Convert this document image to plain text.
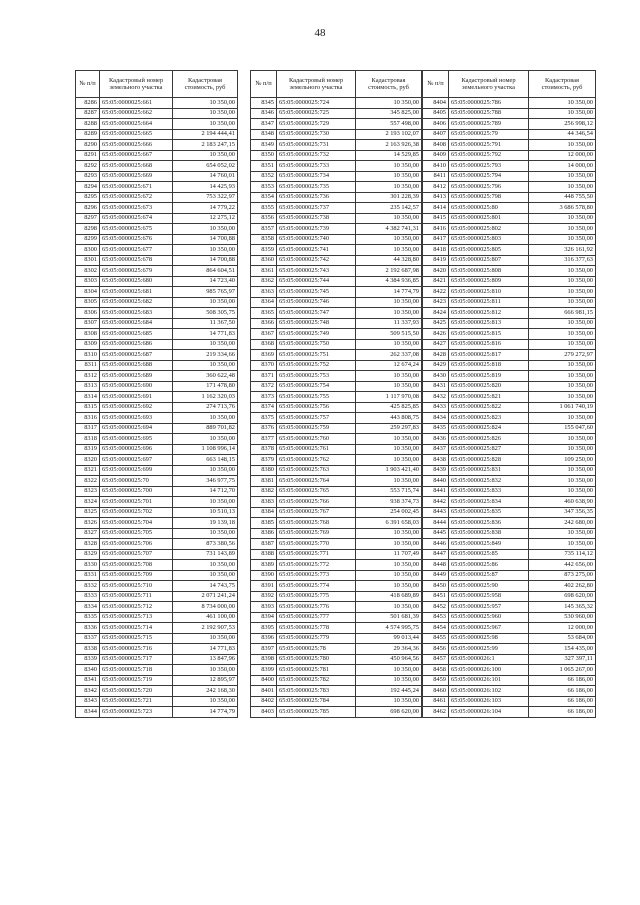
48
№ п/п	Кадастровый номер земельного участка	Кадастровая стоимость, руб
8286	65:05:0000025:661	10 350,00
8287	65:05:0000025:662	10 350,00
8288	65:05:0000025:664	10 350,00
8289	65:05:0000025:665	2 194 444,41
8290	65:05:0000025:666	2 183 247,15
8291	65:05:0000025:667	10 350,00
8292	65:05:0000025:668	654 052,02
8293	65:05:0000025:669	14 760,01
8294	65:05:0000025:671	14 425,93
8295	65:05:0000025:672	753 322,97
8296	65:05:0000025:673	14 779,22
8297	65:05:0000025:674	12 275,12
8298	65:05:0000025:675	10 350,00
8299	65:05:0000025:676	14 700,88
8300	65:05:0000025:677	10 350,00
8301	65:05:0000025:678	14 700,88
8302	65:05:0000025:679	864 604,51
8303	65:05:0000025:680	14 723,40
8304	65:05:0000025:681	985 765,97
8305	65:05:0000025:682	10 350,00
8306	65:05:0000025:683	508 305,75
8307	65:05:0000025:684	11 367,50
8308	65:05:0000025:685	14 771,83
8309	65:05:0000025:686	10 350,00
8310	65:05:0000025:687	219 334,66
8311	65:05:0000025:688	10 350,00
8312	65:05:0000025:689	360 622,48
8313	65:05:0000025:690	171 478,80
8314	65:05:0000025:691	1 162 320,03
8315	65:05:0000025:692	274 713,76
8316	65:05:0000025:693	10 350,00
8317	65:05:0000025:694	889 701,82
8318	65:05:0000025:695	10 350,00
8319	65:05:0000025:696	1 108 996,14
8320	65:05:0000025:697	663 148,15
8321	65:05:0000025:699	10 350,00
8322	65:05:0000025:70	346 977,75
8323	65:05:0000025:700	14 712,70
8324	65:05:0000025:701	10 350,00
8325	65:05:0000025:702	10 510,13
8326	65:05:0000025:704	19 139,18
8327	65:05:0000025:705	10 350,00
8328	65:05:0000025:706	873 380,56
8329	65:05:0000025:707	731 143,89
8330	65:05:0000025:708	10 350,00
8331	65:05:0000025:709	10 350,00
8332	65:05:0000025:710	14 743,75
8333	65:05:0000025:711	2 071 241,24
8334	65:05:0000025:712	8 734 000,00
8335	65:05:0000025:713	461 100,00
8336	65:05:0000025:714	2 192 907,53
8337	65:05:0000025:715	10 350,00
8338	65:05:0000025:716	14 771,83
8339	65:05:0000025:717	13 847,96
8340	65:05:0000025:718	10 350,00
8341	65:05:0000025:719	12 895,97
8342	65:05:0000025:720	242 168,30
8343	65:05:0000025:721	10 350,00
8344	65:05:0000025:723	14 774,79
№ п/п	Кадастровый номер земельного участка	Кадастровая стоимость, руб
8345	65:05:0000025:724	10 350,00
8346	65:05:0000025:725	345 825,00
8347	65:05:0000025:729	557 498,00
8348	65:05:0000025:730	2 193 102,07
8349	65:05:0000025:731	2 163 926,38
8350	65:05:0000025:732	14 529,85
8351	65:05:0000025:733	10 350,00
8352	65:05:0000025:734	10 350,00
8353	65:05:0000025:735	10 350,00
8354	65:05:0000025:736	301 228,39
8355	65:05:0000025:737	235 142,57
8356	65:05:0000025:738	10 350,00
8357	65:05:0000025:739	4 382 741,31
8358	65:05:0000025:740	10 350,00
8359	65:05:0000025:741	10 350,00
8360	65:05:0000025:742	44 328,80
8361	65:05:0000025:743	2 192 687,98
8362	65:05:0000025:744	4 384 936,85
8363	65:05:0000025:745	14 774,79
8364	65:05:0000025:746	10 350,00
8365	65:05:0000025:747	10 350,00
8366	65:05:0000025:748	11 337,93
8367	65:05:0000025:749	509 515,50
8368	65:05:0000025:750	10 350,00
8369	65:05:0000025:751	262 337,08
8370	65:05:0000025:752	12 674,24
8371	65:05:0000025:753	10 350,00
8372	65:05:0000025:754	10 350,00
8373	65:05:0000025:755	1 117 970,08
8374	65:05:0000025:756	425 825,85
8375	65:05:0000025:757	443 808,75
8376	65:05:0000025:759	259 297,83
8377	65:05:0000025:760	10 350,00
8378	65:05:0000025:761	10 350,00
8379	65:05:0000025:762	10 350,00
8380	65:05:0000025:763	1 903 421,40
8381	65:05:0000025:764	10 350,00
8382	65:05:0000025:765	553 715,74
8383	65:05:0000025:766	938 374,73
8384	65:05:0000025:767	254 002,45
8385	65:05:0000025:768	6 391 658,03
8386	65:05:0000025:769	10 350,00
8387	65:05:0000025:770	10 350,00
8388	65:05:0000025:771	11 707,49
8389	65:05:0000025:772	10 350,00
8390	65:05:0000025:773	10 350,00
8391	65:05:0000025:774	10 350,00
8392	65:05:0000025:775	418 689,89
8393	65:05:0000025:776	10 350,00
8394	65:05:0000025:777	501 681,39
8395	65:05:0000025:778	4 574 995,75
8396	65:05:0000025:779	99 013,44
8397	65:05:0000025:78	29 364,36
8398	65:05:0000025:780	450 964,56
8399	65:05:0000025:781	10 350,00
8400	65:05:0000025:782	10 350,00
8401	65:05:0000025:783	192 445,24
8402	65:05:0000025:784	10 350,00
8403	65:05:0000025:785	698 620,00
№ п/п	Кадастровый номер земельного участка	Кадастровая стоимость, руб
8404	65:05:0000025:786	10 350,00
8405	65:05:0000025:788	10 350,00
8406	65:05:0000025:789	256 998,12
8407	65:05:0000025:79	44 346,54
8408	65:05:0000025:791	10 350,00
8409	65:05:0000025:792	12 000,00
8410	65:05:0000025:793	14 000,00
8411	65:05:0000025:794	10 350,00
8412	65:05:0000025:796	10 350,00
8413	65:05:0000025:798	448 755,50
8414	65:05:0000025:80	3 686 578,80
8415	65:05:0000025:801	10 350,00
8416	65:05:0000025:802	10 350,00
8417	65:05:0000025:803	10 350,00
8418	65:05:0000025:805	326 161,92
8419	65:05:0000025:807	316 377,63
8420	65:05:0000025:808	10 350,00
8421	65:05:0000025:809	10 350,00
8422	65:05:0000025:810	10 350,00
8423	65:05:0000025:811	10 350,00
8424	65:05:0000025:812	666 981,15
8425	65:05:0000025:813	10 350,00
8426	65:05:0000025:815	10 350,00
8427	65:05:0000025:816	10 350,00
8428	65:05:0000025:817	279 272,97
8429	65:05:0000025:818	10 350,00
8430	65:05:0000025:819	10 350,00
8431	65:05:0000025:820	10 350,00
8432	65:05:0000025:821	10 350,00
8433	65:05:0000025:822	1 061 740,19
8434	65:05:0000025:823	10 350,00
8435	65:05:0000025:824	155 047,60
8436	65:05:0000025:826	10 350,00
8437	65:05:0000025:827	10 350,00
8438	65:05:0000025:828	109 250,00
8439	65:05:0000025:831	10 350,00
8440	65:05:0000025:832	10 350,00
8441	65:05:0000025:833	10 350,00
8442	65:05:0000025:834	460 638,90
8443	65:05:0000025:835	347 356,35
8444	65:05:0000025:836	242 680,00
8445	65:05:0000025:838	10 350,00
8446	65:05:0000025:849	10 350,00
8447	65:05:0000025:85	735 114,12
8448	65:05:0000025:86	442 656,00
8449	65:05:0000025:87	873 275,00
8450	65:05:0000025:90	402 262,80
8451	65:05:0000025:958	698 620,00
8452	65:05:0000025:957	145 365,32
8453	65:05:0000025:960	530 960,00
8454	65:05:0000025:967	12 000,00
8455	65:05:0000025:98	53 684,00
8456	65:05:0000025:99	154 435,00
8457	65:05:0000026:1	327 397,11
8458	65:05:0000026:100	1 065 267,00
8459	65:05:0000026:101	66 186,00
8460	65:05:0000026:102	66 186,00
8461	65:05:0000026:103	66 186,00
8462	65:05:0000026:104	66 186,00
